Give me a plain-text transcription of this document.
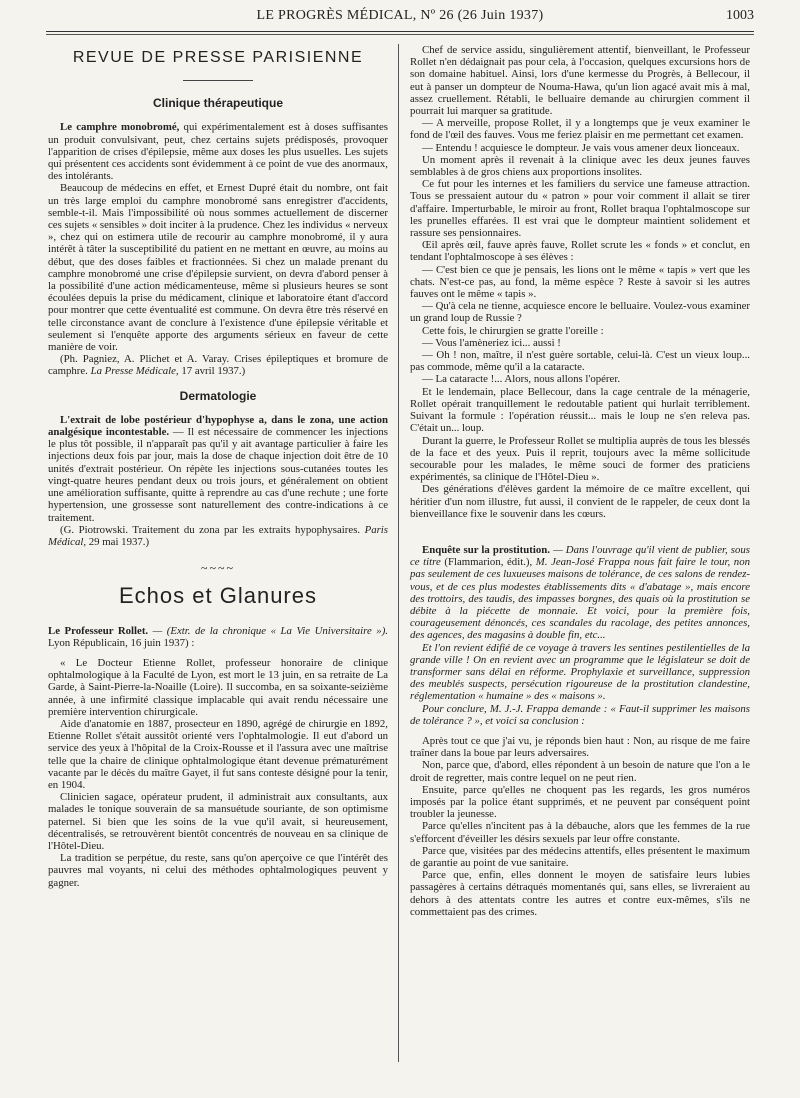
LE PROGRÈS MÉDICAL, Nº 26 (26 Juin 1937)	1003
REVUE DE PRESSE PARISIENNE
Clinique thérapeutique

Le camphre monobromé, qui expérimentalement est à doses suffisantes un produit convulsivant, peut, chez certains sujets prédisposés, provoquer l'apparition de crises d'épilepsie, même aux doses les plus usuelles. Les sujets qui présentent ces accidents sont évidemment à ce point de vue des anormaux, des intolérants.

Beaucoup de médecins en effet, et Ernest Dupré était du nombre, ont fait un très large emploi du camphre monobromé sans enregistrer d'accidents, semble-t-il. Mais l'impossibilité où nous sommes actuellement de discerner ces sujets « sensibles » doit inciter à la prudence. Chez les individus « nerveux », chez qui on estimera utile de recourir au camphre monobromé, il y aura intérêt à tâter la susceptibilité du patient en ne mettant en œuvre, au moins au début, que des doses faibles et fractionnées. Si chez un malade prenant du camphre monobromé une crise d'épilepsie survient, on devra d'abord penser à la possibilité d'une action médicamenteuse, même si plusieurs heures se sont écoulées depuis la prise du médicament, clinique et laboratoire étant d'accord pour montrer que cette éventualité est commune. On devra être très réservé en telle circonstance avant de conclure à l'existence d'une épilepsie véritable et seulement si l'enquête apporte des arguments sérieux en faveur de cette manière de voir.

(Ph. Pagniez, A. Plichet et A. Varay. Crises épileptiques et bromure de camphre. La Presse Médicale, 17 avril 1937.)

Dermatologie

L'extrait de lobe postérieur d'hypophyse a, dans le zona, une action analgésique incontestable. — Il est nécessaire de commencer les injections le plus tôt possible, il n'apparaît pas qu'il y ait avantage particulier à faire les injections deux fois par jour, mais la dose de chaque injection doit être de 10 unités d'extrait postérieur. On répète les injections sous-cutanées toutes les vingt-quatre heures pendant deux ou trois jours, et généralement on obtient une amélioration suffisante, quitte à reprendre au cas d'une rechute ; une forte hypertension, une grossesse sont naturellement des contre-indications à ce traitement.

(G. Piotrowski. Traitement du zona par les extraits hypophysaires. Paris Médical, 29 mai 1937.)

~~~~
Echos et Glanures

Le Professeur Rollet. — (Extr. de la chronique « La Vie Universitaire »). Lyon Républicain, 16 juin 1937) :

« Le Docteur Etienne Rollet, professeur honoraire de clinique ophtalmologique à la Faculté de Lyon, est mort le 13 juin, en sa retraite de La Garde, à Saint-Pierre-la-Noaille (Loire). Il succomba, en sa soixante-seizième année, à une infirmité classique implacable qui avait rendu nécessaire une première intervention chirurgicale.

Aide d'anatomie en 1887, prosecteur en 1890, agrégé de chirurgie en 1892, Etienne Rollet s'était aussitôt orienté vers l'ophtalmologie. Il eut d'abord un service des yeux à l'hôpital de la Croix-Rousse et il l'assura avec une maîtrise telle que la chaire de clinique ophtalmologique étant devenue prématurément vacante par le décès du maître Gayet, il fut sans conteste désigné pour la tenir, en 1904.

Clinicien sagace, opérateur prudent, il administrait aux consultants, aux malades le tonique souverain de sa mansuétude souriante, de son optimisme paternel. Si bien que les soins de la vue qu'il avait, si heureusement, décentralisés, se retrouvèrent bientôt concentrés de nouveau en sa clinique de l'Hôtel-Dieu.

La tradition se perpétue, du reste, sans qu'on aperçoive ce que l'intérêt des pauvres mal voyants, ni celui des méthodes ophtalmologiques peuvent y gagner.

Chef de service assidu, singulièrement attentif, bienveillant, le Professeur Rollet n'en dédaignait pas pour cela, à l'occasion, quelques excursions hors de son domaine habituel. Ainsi, lors d'une kermesse du Progrès, à Bellecour, il eut à panser un dompteur de Nouma-Hawa, qu'un lion agacé avait mis à mal, assez cruellement. Rétabli, le belluaire demande au chirurgien comment il pourrait lui marquer sa gratitude.

— A merveille, propose Rollet, il y a longtemps que je veux examiner le fond de l'œil des fauves. Vous me feriez plaisir en me permettant cet examen.

— Entendu ! acquiesce le dompteur. Je vais vous amener deux lionceaux.

Un moment après il revenait à la clinique avec les deux jeunes fauves semblables à de gros chiens aux proportions insolites.

Ce fut pour les internes et les familiers du service une fameuse attraction. Tous se pressaient autour du « patron » pour voir comment il allait se tirer d'affaire. Imperturbable, le miroir au front, Rollet braqua l'ophtalmoscope sur les prunelles effarées. Il est vrai que le dompteur maintient solidement et rassure ses pensionnaires.

Œil après œil, fauve après fauve, Rollet scrute les « fonds » et conclut, en tendant l'ophtalmoscope à ses élèves :

— C'est bien ce que je pensais, les lions ont le même « tapis » vert que les chats. N'est-ce pas, au fond, la même espèce ? Reste à savoir si les autres fauves ont le même « tapis ».

— Qu'à cela ne tienne, acquiesce encore le belluaire. Voulez-vous examiner un grand loup de Russie ?

Cette fois, le chirurgien se gratte l'oreille :

— Vous l'amèneriez ici... aussi !

— Oh ! non, maître, il n'est guère sortable, celui-là. C'est un vieux loup... pas commode, même qu'il a la cataracte.

— La cataracte !... Alors, nous allons l'opérer.

Et le lendemain, place Bellecour, dans la cage centrale de la ménagerie, Rollet opérait tranquillement le redoutable patient qui hurlait terriblement. Suivant la formule : l'opération réussit... mais le loup ne s'en releva pas. C'était un... loup.

Durant la guerre, le Professeur Rollet se multiplia auprès de tous les blessés de la face et des yeux. Puis il reprit, toujours avec la même sollicitude secourable pour les malades, le même souci de former des praticiens expérimentés, sa clinique de l'Hôtel-Dieu ».

Des générations d'élèves gardent la mémoire de ce maître excellent, qui héritier d'un nom illustre, fut aussi, il convient de le rappeler, de ceux dont la bienveillance fixe le souvenir dans les cœurs.

Enquête sur la prostitution. — Dans l'ouvrage qu'il vient de publier, sous ce titre (Flammarion, édit.), M. Jean-José Frappa nous fait faire le tour, non pas seulement de ces luxueuses maisons de tolérance, de ces salons de rendez-vous, et de ces plus modestes établissements dits « d'abatage », mais encore des trottoirs, des taudis, des impasses borgnes, des quais où la prostitution se débite à la piécette de monnaie. Et voici, pour la première fois, courageusement dénoncés, ces scandales du racolage, des petites annonces, des agences, des magasins à double fin, etc...

Et l'on revient édifié de ce voyage à travers les sentines pestilentielles de la grande ville ! On en revient avec un programme que le législateur se doit de transformer sans délai en réforme. Prophylaxie et surveillance, suppression des meublés suspects, persécution rigoureuse de la prostitution clandestine, réglementation « humaine » des « maisons ».

Pour conclure, M. J.-J. Frappa demande : « Faut-il supprimer les maisons de tolérance ? », et voici sa conclusion :

Après tout ce que j'ai vu, je réponds bien haut : Non, au risque de me faire traîner dans la boue par leurs adversaires.

Non, parce que, d'abord, elles répondent à un besoin de nature que l'on a le droit de regretter, mais contre lequel on ne peut rien.

Ensuite, parce qu'elles ne choquent pas les regards, les gros numéros imposés par la police étant supprimés, et ne peuvent par conséquent point troubler la jeunesse.

Parce qu'elles n'incitent pas à la débauche, alors que les femmes de la rue s'efforcent d'éveiller les désirs sexuels par leur offre constante.

Parce que, visitées par des médecins attentifs, elles présentent le maximum de garantie au point de vue sanitaire.

Parce que, enfin, elles donnent le moyen de satisfaire leurs lubies passagères à certains détraqués momentanés qui, sans elles, se livreraient au dehors à des attentats contre les autres et contre eux-mêmes, s'ils ne commettaient pas des crimes.
